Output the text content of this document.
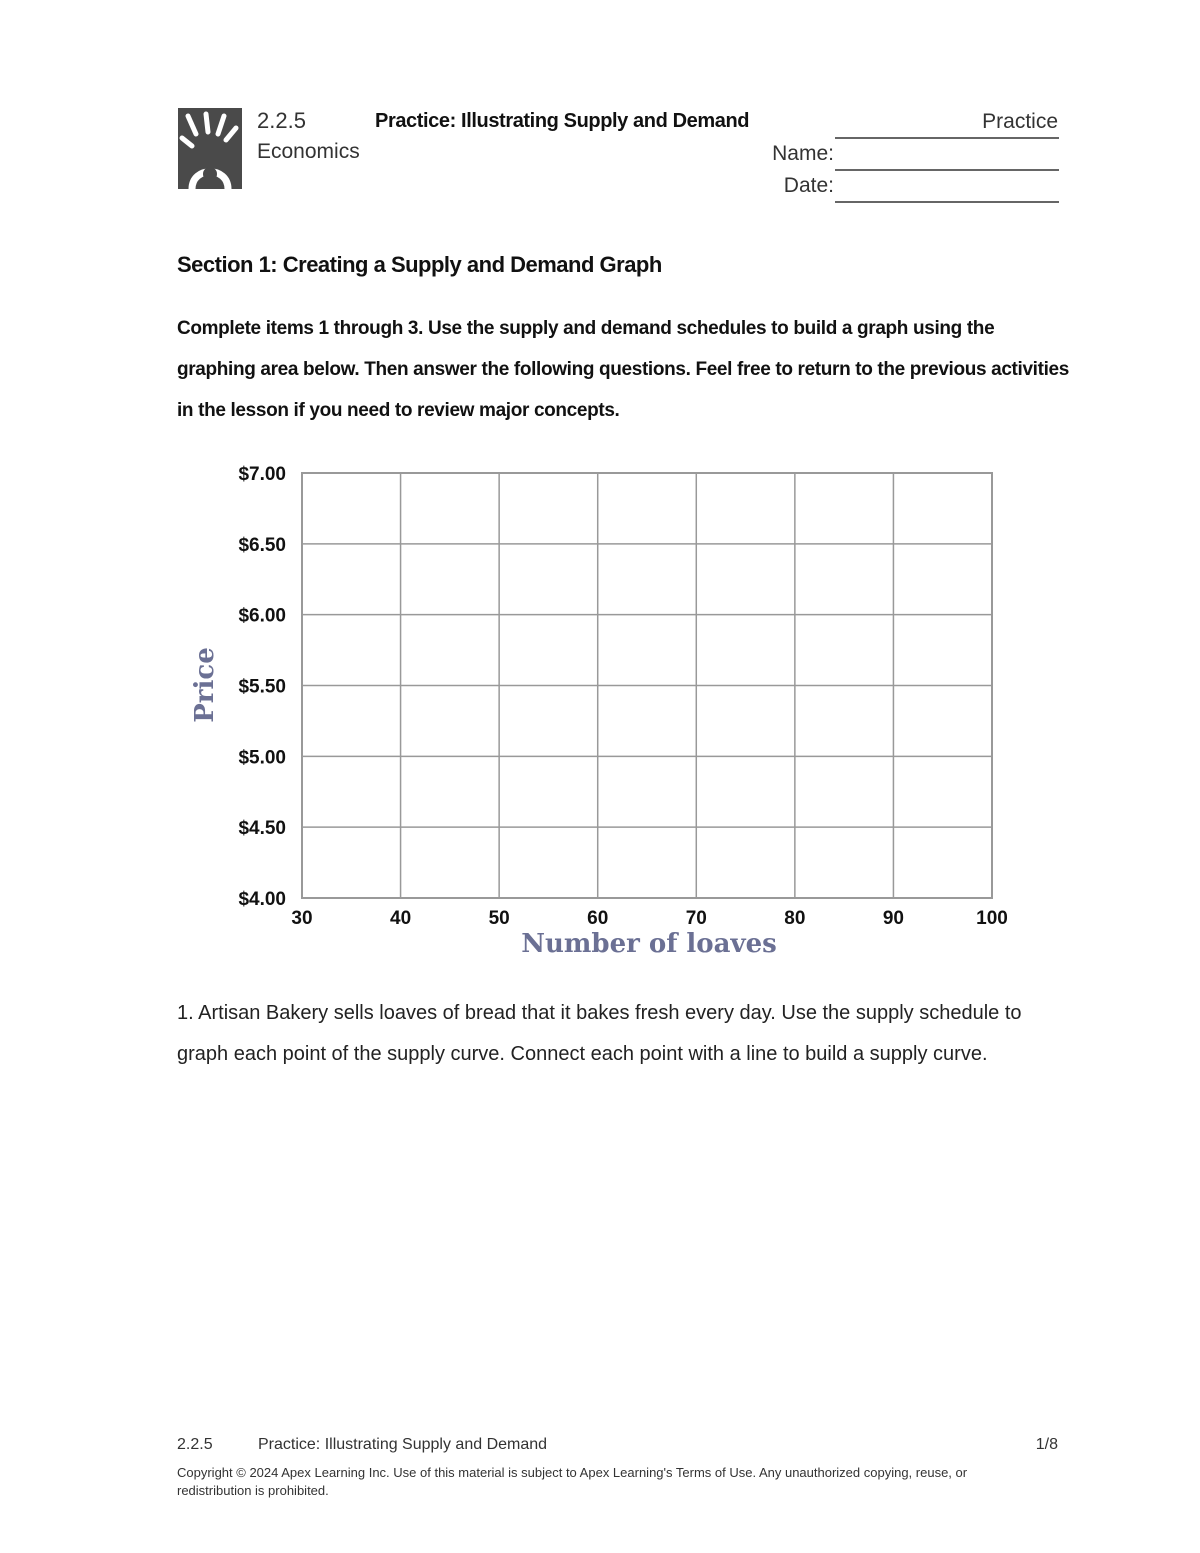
2.2.5	Practice: Illustrating Supply and Demand	Practice
Economics	Name:
Date:
Section 1: Creating a Supply and Demand Graph

Complete items 1 through 3. Use the supply and demand schedules to build a graph using the graphing area below. Then answer the following questions. Feel free to return to the previous activities in the lesson if you need to review major concepts.

30	40	50	60	70	80	90	100
$4.00
$4.50
$5.00
$5.50
$6.00
$6.50
$7.00
Number of loaves
Price

1. Artisan Bakery sells loaves of bread that it bakes fresh every day. Use the supply schedule to graph each point of the supply curve. Connect each point with a line to build a supply curve.

2.2.5	Practice: Illustrating Supply and Demand	1/8

Copyright © 2024 Apex Learning Inc. Use of this material is subject to Apex Learning's Terms of Use. Any unauthorized copying, reuse, or redistribution is prohibited.
